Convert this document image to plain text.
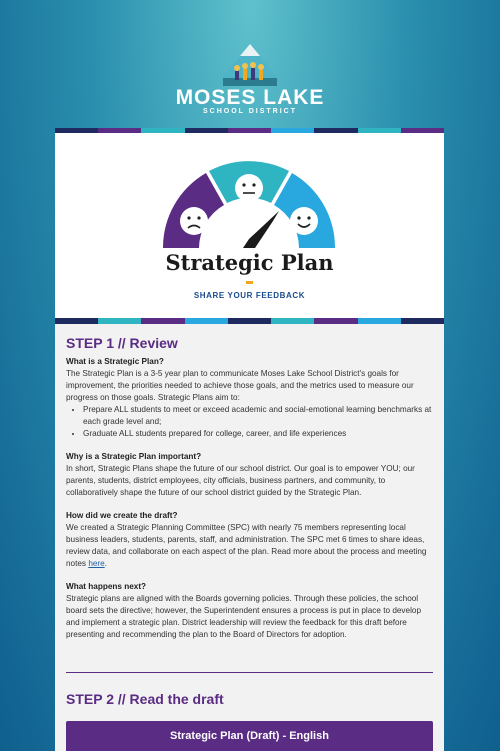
MOSES LAKE
SCHOOL DISTRICT
Strategic Plan
SHARE YOUR FEEDBACK
STEP 1 // Review
What is a Strategic Plan?
The Strategic Plan is a 3-5 year plan to communicate Moses Lake School District's goals for improvement, the priorities needed to achieve those goals, and the metrics used to measure our progress on those goals. Strategic Plans aim to:
• Prepare ALL students to meet or exceed academic and social-emotional learning benchmarks at each grade level and;
• Graduate ALL students prepared for college, career, and life experiences
Why is a Strategic Plan important?
In short, Strategic Plans shape the future of our school district. Our goal is to empower YOU; our parents, students, district employees, city officials, business partners, and community, to collaboratively shape the future of our school district guided by the Strategic Plan.
How did we create the draft?
We created a Strategic Planning Committee (SPC) with nearly 75 members representing local business leaders, students, parents, staff, and administration. The SPC met 6 times to share ideas, review data, and collaborate on each aspect of the plan. Read more about the process and meeting notes here.
What happens next?
Strategic plans are aligned with the Boards governing policies. Through these policies, the school board sets the directive; however, the Superintendent ensures a process is put in place to develop and implement a strategic plan. District leadership will review the feedback for this draft before presenting and recommending the plan to the Board of Directors for adoption.
STEP 2 // Read the draft
Strategic Plan (Draft) - English
